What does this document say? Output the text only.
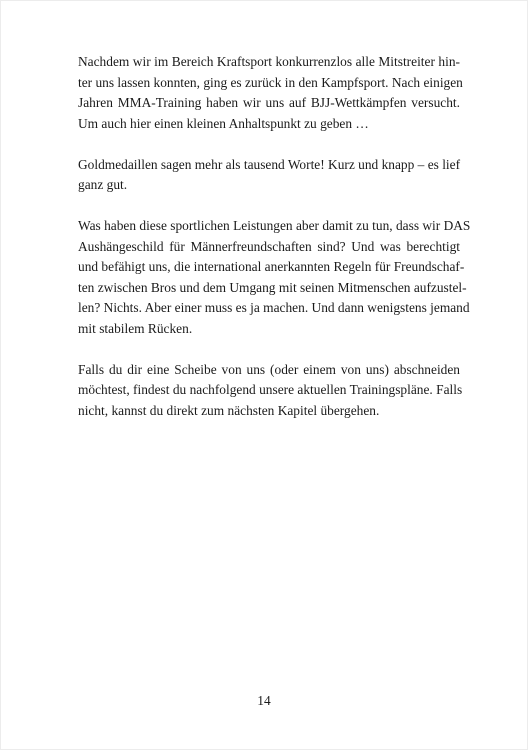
Nachdem wir im Bereich Kraftsport konkurrenzlos alle Mitstreiter hin-
ter uns lassen konnten, ging es zurück in den Kampfsport. Nach einigen
Jahren MMA-Training haben wir uns auf BJJ-Wettkämpfen versucht.
Um auch hier einen kleinen Anhaltspunkt zu geben …

Goldmedaillen sagen mehr als tausend Worte! Kurz und knapp – es lief
ganz gut.

Was haben diese sportlichen Leistungen aber damit zu tun, dass wir DAS
Aushängeschild für Männerfreundschaften sind? Und was berechtigt
und befähigt uns, die international anerkannten Regeln für Freundschaf-
ten zwischen Bros und dem Umgang mit seinen Mitmenschen aufzustel-
len? Nichts. Aber einer muss es ja machen. Und dann wenigstens jemand
mit stabilem Rücken.

Falls du dir eine Scheibe von uns (oder einem von uns) abschneiden
möchtest, findest du nachfolgend unsere aktuellen Trainingspläne. Falls
nicht, kannst du direkt zum nächsten Kapitel übergehen.

14
